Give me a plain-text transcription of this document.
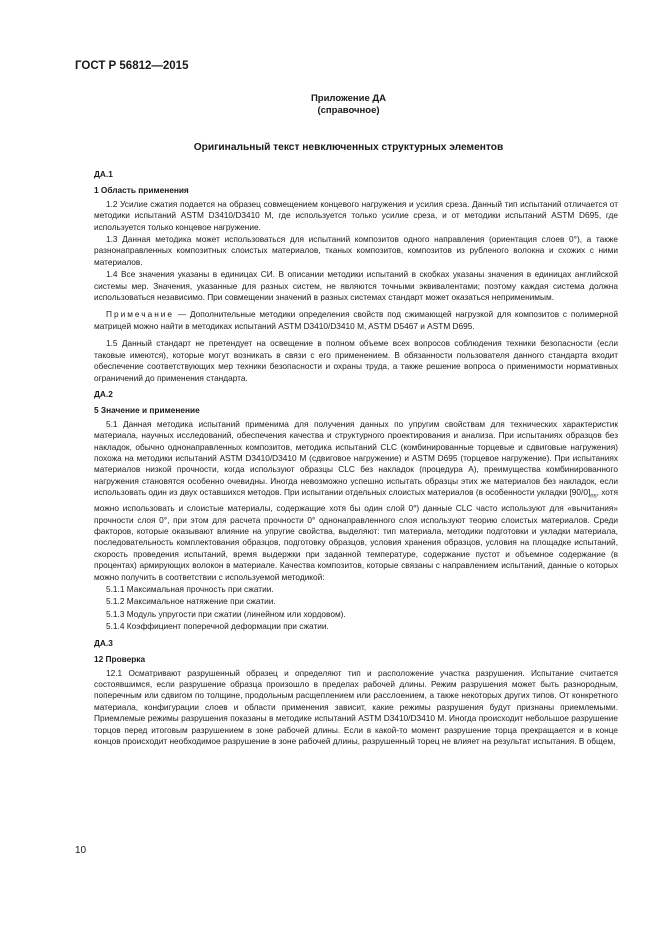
ГОСТ Р 56812—2015
Приложение ДА
(справочное)
Оригинальный текст невключенных структурных элементов
ДА.1
1 Область применения

1.2 Усилие сжатия подается на образец совмещением концевого нагружения и усилия среза. Данный тип испытаний отличается от методики испытаний ASTM D3410/D3410 M, где используется только усилие среза, и от методики испытаний ASTM D695, где используется только концевое нагружение.

1.3 Данная методика может использоваться для испытаний композитов одного направления (ориентация слоев 0°), а также разнонаправленных композитных слоистых материалов, тканых композитов, композитов из рубленого волокна и схожих с ними материалов.

1.4 Все значения указаны в единицах СИ. В описании методики испытаний в скобках указаны значения в единицах английской системы мер. Значения, указанные для разных систем, не являются точными эквивалентами; поэтому каждая система должна использоваться независимо. При совмещении значений в разных системах стандарт может оказаться неприменимым.

Примечание — Дополнительные методики определения свойств под сжимающей нагрузкой для композитов с полимерной матрицей можно найти в методиках испытаний ASTM D3410/D3410 M, ASTM D5467 и ASTM D695.

1.5 Данный стандарт не претендует на освещение в полном объеме всех вопросов соблюдения техники безопасности (если таковые имеются), которые могут возникать в связи с его применением. В обязанности пользователя данного стандарта входит обеспечение соответствующих мер техники безопасности и охраны труда, а также решение вопроса о применимости нормативных ограничений до применения стандарта.

ДА.2
5 Значение и применение

5.1 Данная методика испытаний применима для получения данных по упругим свойствам для технических характеристик материала, научных исследований, обеспечения качества и структурного проектирования и анализа. При испытаниях образцов без накладок, обычно однонаправленных композитов, методика испытаний CLC (комбинированные торцевые и сдвиговые нагружения) похожа на методики испытаний ASTM D3410/D3410 M (сдвиговое нагружение) и ASTM D695 (торцевое нагружение). При испытаниях материалов низкой прочности, когда используют образцы CLC без накладок (процедура А), преимущества комбинированного нагружения становятся особенно очевидны. Иногда невозможно успешно испытать образцы этих же материалов без накладок, если использовать один из двух оставшихся методов. При испытании отдельных слоистых материалов (в особенности укладки $[90/0]_{ns}$, хотя можно использовать и слоистые материалы, содержащие хотя бы один слой 0°) данные CLC часто используют для «вычитания» прочности слоя 0°, при этом для расчета прочности 0° однонаправленного слоя используют теорию слоистых материалов. Среди факторов, которые оказывают влияние на упругие свойства, выделяют: тип материала, методики подготовки и укладки материала, последовательность комплектования образцов, подготовку образцов, условия хранения образцов, условия на площадке испытаний, скорость проведения испытаний, время выдержки при заданной температуре, содержание пустот и объемное содержание (в процентах) армирующих волокон в материале. Качества композитов, которые связаны с направлением испытаний, данные о которых можно получить в соответствии с используемой методикой:

5.1.1 Максимальная прочность при сжатии.

5.1.2 Максимальное натяжение при сжатии.

5.1.3 Модуль упругости при сжатии (линейном или хордовом).

5.1.4 Коэффициент поперечной деформации при сжатии.

ДА.3
12 Проверка

12.1 Осматривают разрушенный образец и определяют тип и расположение участка разрушения. Испытание считается состоявшимся, если разрушение образца произошло в пределах рабочей длины. Режим разрушения может быть разнородным, поперечным или сдвигом по толщине, продольным расщеплением или расслоением, а также некоторых других типов. От конкретного материала, конфигурации слоев и области применения зависит, какие режимы разрушения будут признаны приемлемыми. Приемлемые режимы разрушения показаны в методике испытаний ASTM D3410/D3410 M. Иногда происходит небольшое разрушение торцов перед итоговым разрушением в зоне рабочей длины. Если в какой-то момент разрушение торца прекращается и в конце концов происходит необходимое разрушение в зоне рабочей длины, разрушенный торец не влияет на результат испытания. В общем,

10
